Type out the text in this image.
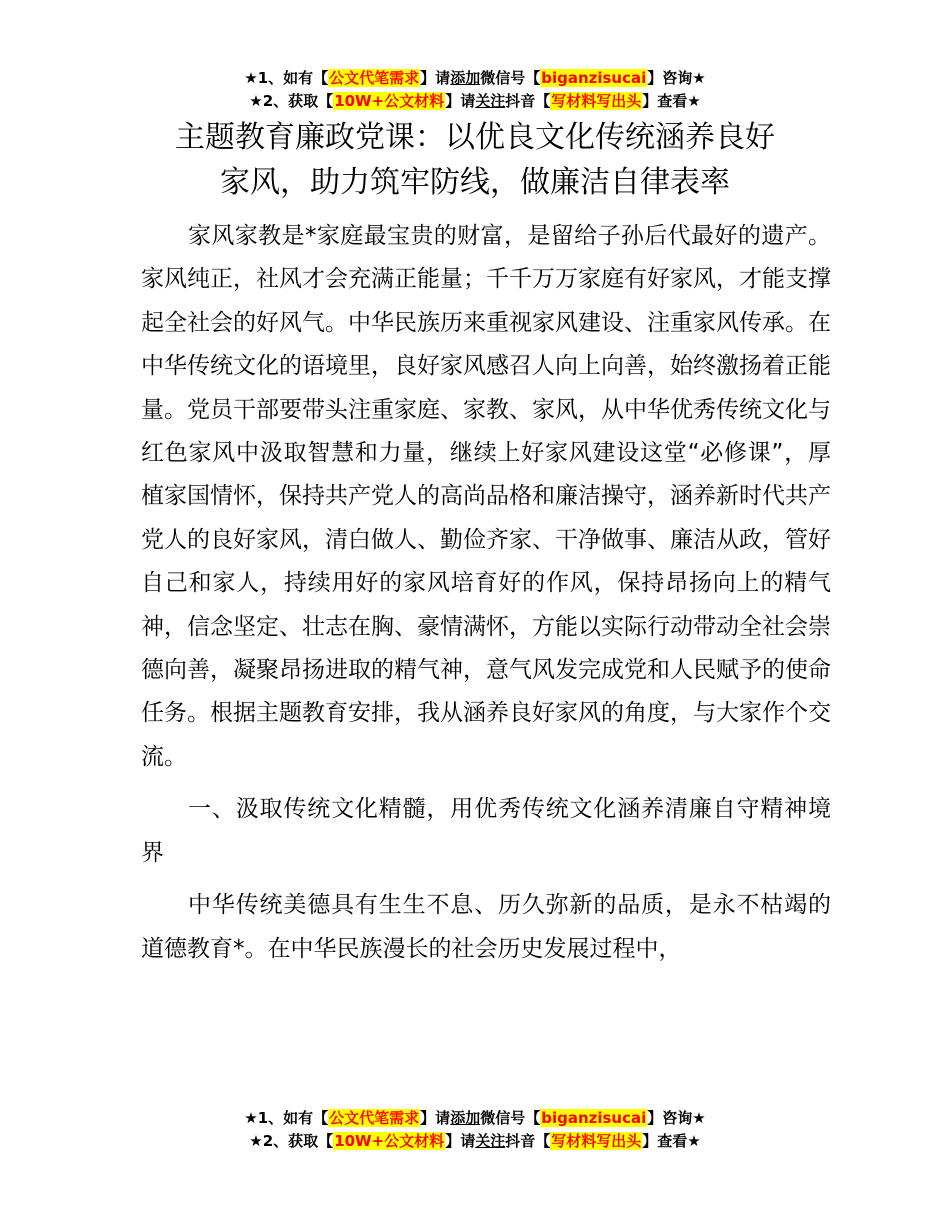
★1、如有【公文代笔需求】请添加微信号【biganzisucai】咨询★
★2、获取【10W+公文材料】请关注抖音【写材料写出头】查看★
主题教育廉政党课：以优良文化传统涵养良好
家风，助力筑牢防线，做廉洁自律表率

家风家教是*家庭最宝贵的财富，是留给子孙后代最好的遗产。家风纯正，社风才会充满正能量；千千万万家庭有好家风，才能支撑起全社会的好风气。中华民族历来重视家风建设、注重家风传承。在中华传统文化的语境里，良好家风感召人向上向善，始终激扬着正能量。党员干部要带头注重家庭、家教、家风，从中华优秀传统文化与红色家风中汲取智慧和力量，继续上好家风建设这堂“必修课”，厚植家国情怀，保持共产党人的高尚品格和廉洁操守，涵养新时代共产党人的良好家风，清白做人、勤俭齐家、干净做事、廉洁从政，管好自己和家人，持续用好的家风培育好的作风，保持昂扬向上的精气神，信念坚定、壮志在胸、豪情满怀，方能以实际行动带动全社会崇德向善，凝聚昂扬进取的精气神，意气风发完成党和人民赋予的使命任务。根据主题教育安排，我从涵养良好家风的角度，与大家作个交流。

一、汲取传统文化精髓，用优秀传统文化涵养清廉自守精神境界

中华传统美德具有生生不息、历久弥新的品质，是永不枯竭的道德教育*。在中华民族漫长的社会历史发展过程中，

★1、如有【公文代笔需求】请添加微信号【biganzisucai】咨询★
★2、获取【10W+公文材料】请关注抖音【写材料写出头】查看★
